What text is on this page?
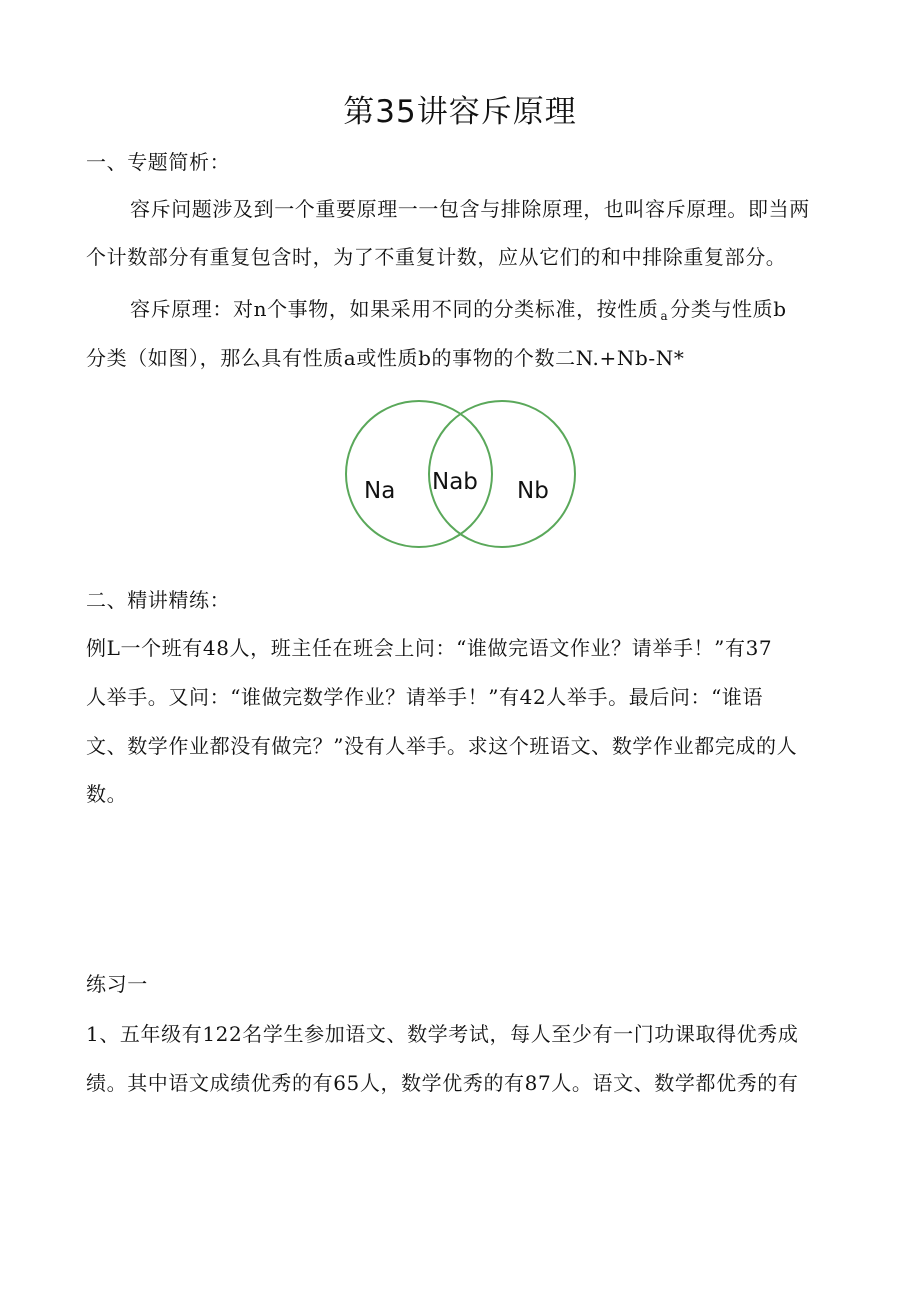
第35讲容斥原理
一、专题简析：
容斥问题涉及到一个重要原理一一包含与排除原理，也叫容斥原理。即当两
个计数部分有重复包含时，为了不重复计数，应从它们的和中排除重复部分。
容斥原理：对n个事物，如果采用不同的分类标准，按性质 $_a$ 分类与性质b
分类（如图），那么具有性质a或性质b的事物的个数二N.+Nb-N*
Na Nab Nb
二、精讲精练：
例L一个班有48人，班主任在班会上问：“谁做完语文作业？请举手！”有37
人举手。又问：“谁做完数学作业？请举手！”有42人举手。最后问：“谁语
文、数学作业都没有做完？”没有人举手。求这个班语文、数学作业都完成的人
数。
练习一
1、五年级有122名学生参加语文、数学考试，每人至少有一门功课取得优秀成
绩。其中语文成绩优秀的有65人，数学优秀的有87人。语文、数学都优秀的有
